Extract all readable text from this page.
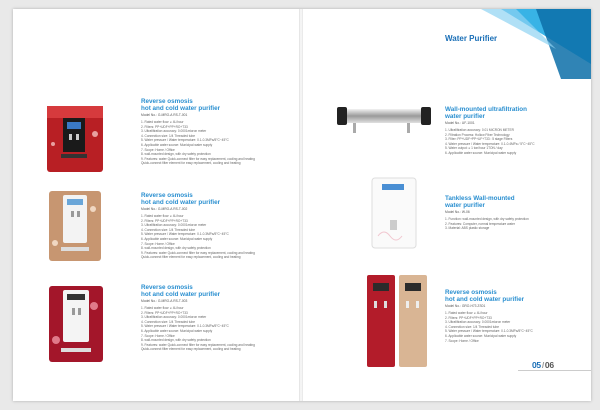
Water Purifier
Reverse osmosis
hot and cold water purifier
Model No.: G-MRO-A RS-T-001
1. Rated water flow: ≥ 4L/hour
2. Filters: PP+UDF+PP+RO+T33
3. Ultrafiltration accuracy: 0.0001micron meter
4. Connection size: 1/4 Threaded tube
5. Water pressure / Water temperature: 0.1-0.3MPa/5°C~45°C
6. Applicable water source: Municipal water supply
7. Scope: Home / Office
8. wall-mounted design, with dry safety protection
9. Features: water Quick-connect filter for easy replacement, cooling and heating
Quick-connect filter element for easy replacement, cooling and heating
Reverse osmosis
hot and cold water purifier
Model No.: G-MRO-A RS-T-002
1. Rated water flow: ≥ 4L/hour
2. Filters: PP+UDF+PP+RO+T33
3. Ultrafiltration accuracy: 0.0001micron meter
4. Connection size: 1/4 Threaded tube
5. Water pressure / Water temperature: 0.1-0.3MPa/5°C~45°C
6. Applicable water source: Municipal water supply
7. Scope: Home / Office
8. wall-mounted design, with dry safety protection
9. Features: water Quick-connect filter for easy replacement, cooling and heating
Quick-connect filter element for easy replacement, cooling and heating
Reverse osmosis
hot and cold water purifier
Model No.: G-MRO-A RS-T-003
1. Rated water flow: ≥ 4L/hour
2. Filters: PP+UDF+PP+RO+T33
3. Ultrafiltration accuracy: 0.0001micron meter
4. Connection size: 1/4 Threaded tube
5. Water pressure / Water temperature: 0.1-0.3MPa/5°C~45°C
6. Applicable water source: Municipal water supply
7. Scope: Home / Office
8. wall-mounted design, with dry safety protection
9. Features: water Quick-connect filter for easy replacement, cooling and heating
Quick-connect filter element for easy replacement, cooling and heating
Wall-mounted ultrafiltration
water purifier
Model No.: UF-1001
1. Ultrafiltration accuracy: 0.01 MICRON METER
2. Filtration Process: Hollow Fiber Technology
3. Filter: PP+UDF+PP+UF+T33 : 5 stage Filters
4. Water pressure / Water temperature: 0.1-0.4MPa / 5°C~45°C
5. Water output: ≥ 1 ton/hour 1TON / day
6. Applicable water source: Municipal water supply
Tankless Wall-mounted
water purifier
Model No.: W-06
1. Function: wall-mounted design, with dry safety protection
2. Features: Computer, normal temperature water
3. Material: ABS plastic storage
Reverse osmosis
hot and cold water purifier
Model No.: GRO-H73 ZS01
1. Rated water flow: ≥ 4L/hour
2. Filters: PP+UDF+PP+RO+T33
3. Ultrafiltration accuracy: 0.0001micron meter
4. Connection size: 1/4 Threaded tube
5. Water pressure / Water temperature: 0.1-0.3MPa/5°C~45°C
6. Applicable water source: Municipal water supply
7. Scope: Home / Office
05/06
